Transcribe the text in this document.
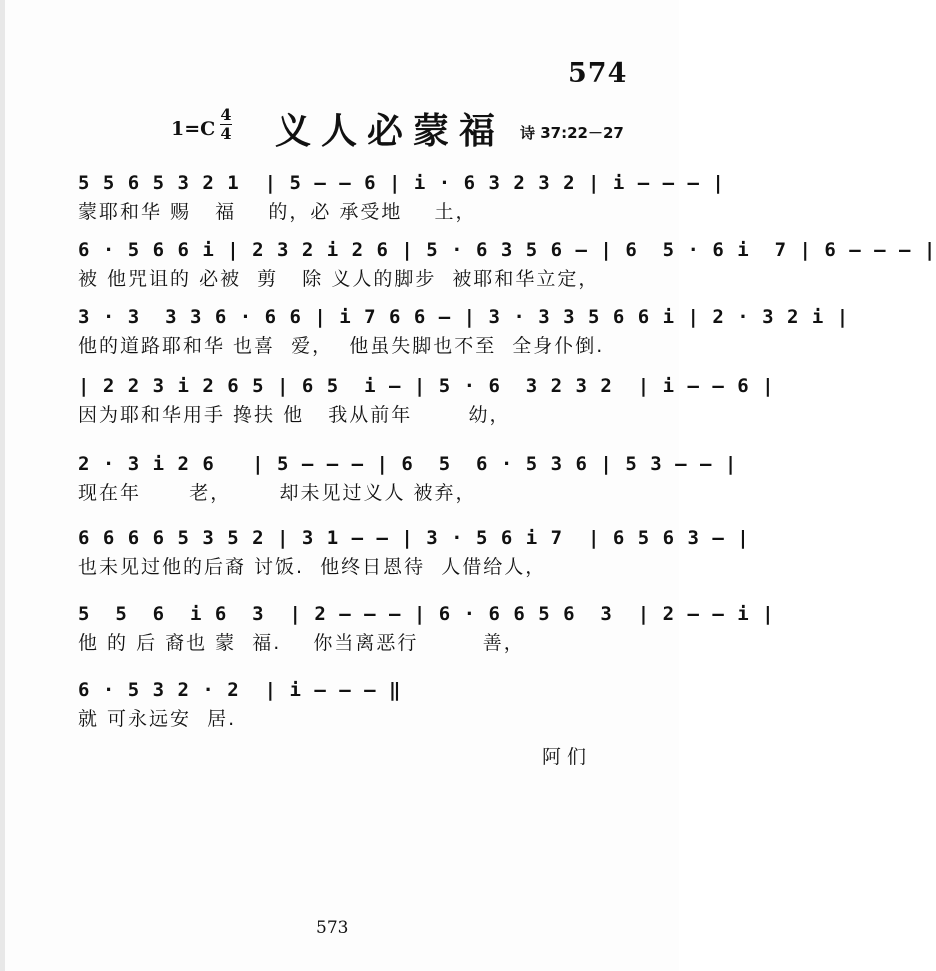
574
1=C
4
4 义人必蒙福 诗 37:22－27
5 5 6 5 3 2 1  | 5 – – 6 | i · 6 3 2 3 2 | i – – – |
蒙耶和华 赐   福    的，必 承受地    土，
6 · 5 6 6 i | 2 3 2 i 2 6 | 5 · 6 3 5 6 – | 6  5 · 6 i  7 | 6 – – – |
被 他咒诅的 必被  剪   除 义人的脚步  被耶和华立定，
3 · 3  3 3 6 · 6 6 | i 7 6 6 – | 3 · 3 3 5 6 6 i | 2 · 3 2 i |
他的道路耶和华 也喜  爱，  他虽失脚也不至  全身仆倒.
| 2 2 3 i 2 6 5 | 6 5  i – | 5 · 6  3 2 3 2  | i – – 6 |
因为耶和华用手 搀扶 他   我从前年       幼，
2 · 3 i 2 6   | 5 – – – | 6  5  6 · 5 3 6 | 5 3 – – |
现在年      老，      却未见过义人 被弃，
6 6 6 6 5 3 5 2 | 3 1 – – | 3 · 5 6 i 7  | 6 5 6 3 – |
也未见过他的后裔 讨饭.  他终日恩待  人借给人，
5  5  6  i 6  3  | 2 – – – | 6 · 6 6 5 6  3  | 2 – – i |
他 的 后 裔也 蒙  福.    你当离恶行        善，
6 · 5 3 2 · 2  | i – – – ‖
就 可永远安  居.
阿 们
573
